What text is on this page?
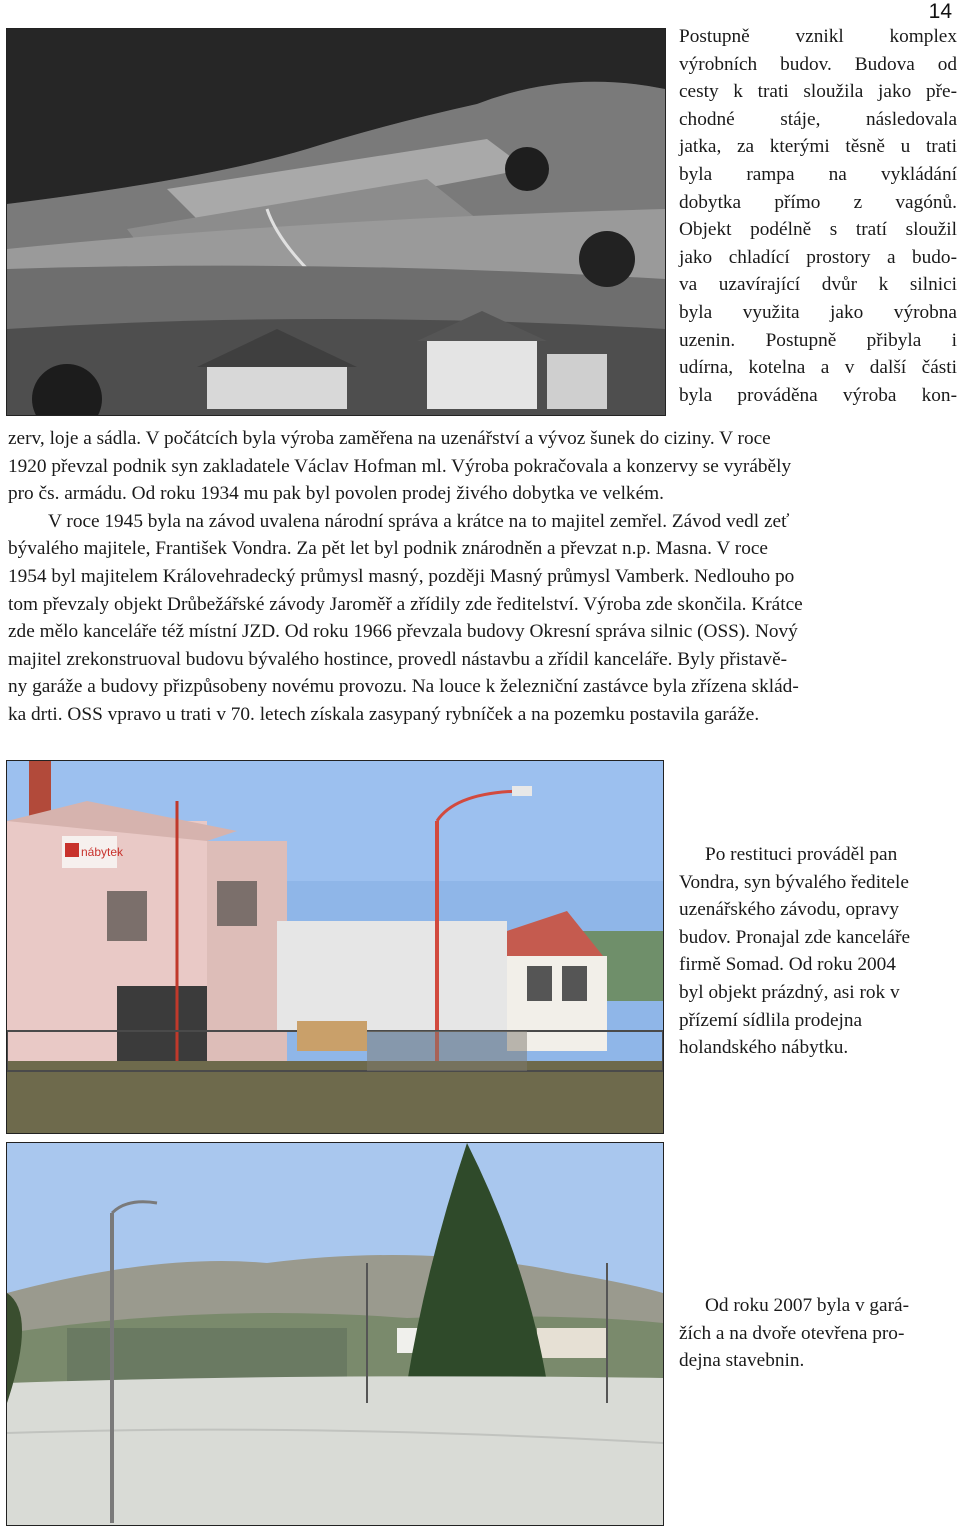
14

Postupně vznikl komplex
výrobních budov. Budova od
cesty k trati sloužila jako pře-
chodné stáje, následovala
jatka, za kterými těsně u trati
byla rampa na vykládání
dobytka přímo z vagónů.
Objekt podélně s tratí sloužil
jako chladící prostory a budo-
va uzavírající dvůr k silnici
byla využita jako výrobna
uzenin. Postupně přibyla i
udírna, kotelna a v další části
byla prováděna výroba kon-

zerv, loje a sádla. V počátcích byla výroba zaměřena na uzenářství a vývoz šunek do ciziny. V roce
1920 převzal podnik syn zakladatele Václav Hofman ml. Výroba pokračovala a konzervy se vyráběly
pro čs. armádu. Od roku 1934 mu pak byl povolen prodej živého dobytka ve velkém.
V roce 1945 byla na závod uvalena národní správa a krátce na to majitel zemřel. Závod vedl zeť
bývalého majitele, František Vondra. Za pět let byl podnik znárodněn a převzat n.p. Masna. V roce
1954 byl majitelem Královehradecký průmysl masný, později Masný průmysl Vamberk. Nedlouho po
tom převzaly objekt Drůbežářské závody Jaroměř a zřídily zde ředitelství. Výroba zde skončila. Krátce
zde mělo kanceláře též místní JZD. Od roku 1966 převzala budovy Okresní správa silnic (OSS). Nový
majitel zrekonstruoval budovu bývalého hostince, provedl nástavbu a zřídil kanceláře. Byly přistavě-
ny garáže a budovy přizpůsobeny novému provozu. Na louce k železniční zastávce byla zřízena sklád-
ka drti. OSS vpravo u trati v 70. letech získala zasypaný rybníček a na pozemku postavila garáže.

nábytek	Po restituci prováděl pan
Vondra, syn bývalého ředitele
uzenářského závodu, opravy
budov. Pronajal zde kanceláře
firmě Somad. Od roku 2004
byl objekt prázdný, asi rok v
přízemí sídlila prodejna
holandského nábytku.

Od roku 2007 byla v gará-
žích a na dvoře otevřena pro-
dejna stavebnin.
